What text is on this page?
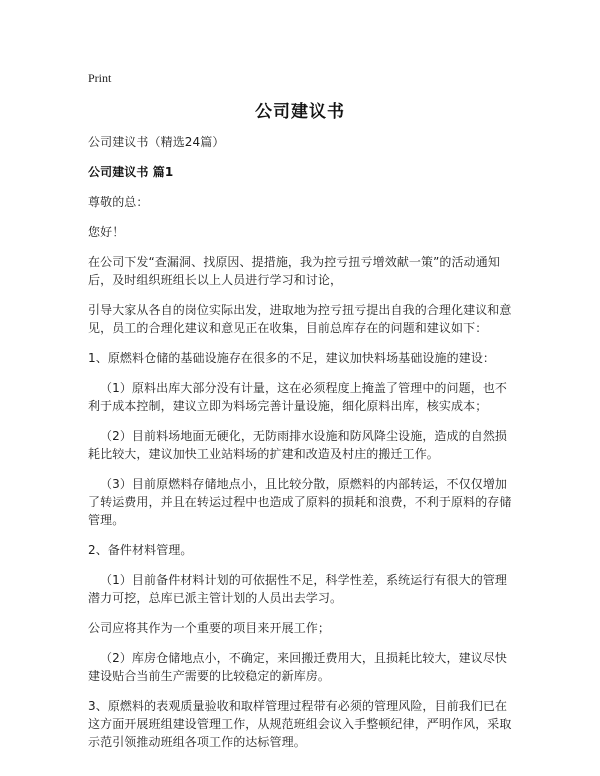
Print
公司建议书

公司建议书（精选24篇）

公司建议书 篇1

尊敬的总：

您好！

在公司下发“查漏洞、找原因、提措施，我为控亏扭亏增效献一策”的活动通知后，及时组织班组长以上人员进行学习和讨论，

引导大家从各自的岗位实际出发，进取地为控亏扭亏提出自我的合理化建议和意见，员工的合理化建议和意见正在收集，目前总库存在的问题和建议如下：

1、原燃料仓储的基础设施存在很多的不足，建议加快料场基础设施的建设：

（1）原料出库大部分没有计量，这在必须程度上掩盖了管理中的问题，也不利于成本控制，建议立即为料场完善计量设施，细化原料出库，核实成本；

（2）目前料场地面无硬化，无防雨排水设施和防风降尘设施，造成的自然损耗比较大，建议加快工业站料场的扩建和改造及村庄的搬迁工作。

（3）目前原燃料存储地点小，且比较分散，原燃料的内部转运，不仅仅增加了转运费用，并且在转运过程中也造成了原料的损耗和浪费，不利于原料的存储管理。

2、备件材料管理。

（1）目前备件材料计划的可依据性不足，科学性差，系统运行有很大的管理潜力可挖，总库已派主管计划的人员出去学习。

公司应将其作为一个重要的项目来开展工作；

（2）库房仓储地点小，不确定，来回搬迁费用大，且损耗比较大，建议尽快建设贴合当前生产需要的比较稳定的新库房。

3、原燃料的表观质量验收和取样管理过程带有必须的管理风险，目前我们已在这方面开展班组建设管理工作，从规范班组会议入手整顿纪律，严明作风，采取示范引领推动班组各项工作的达标管理。
